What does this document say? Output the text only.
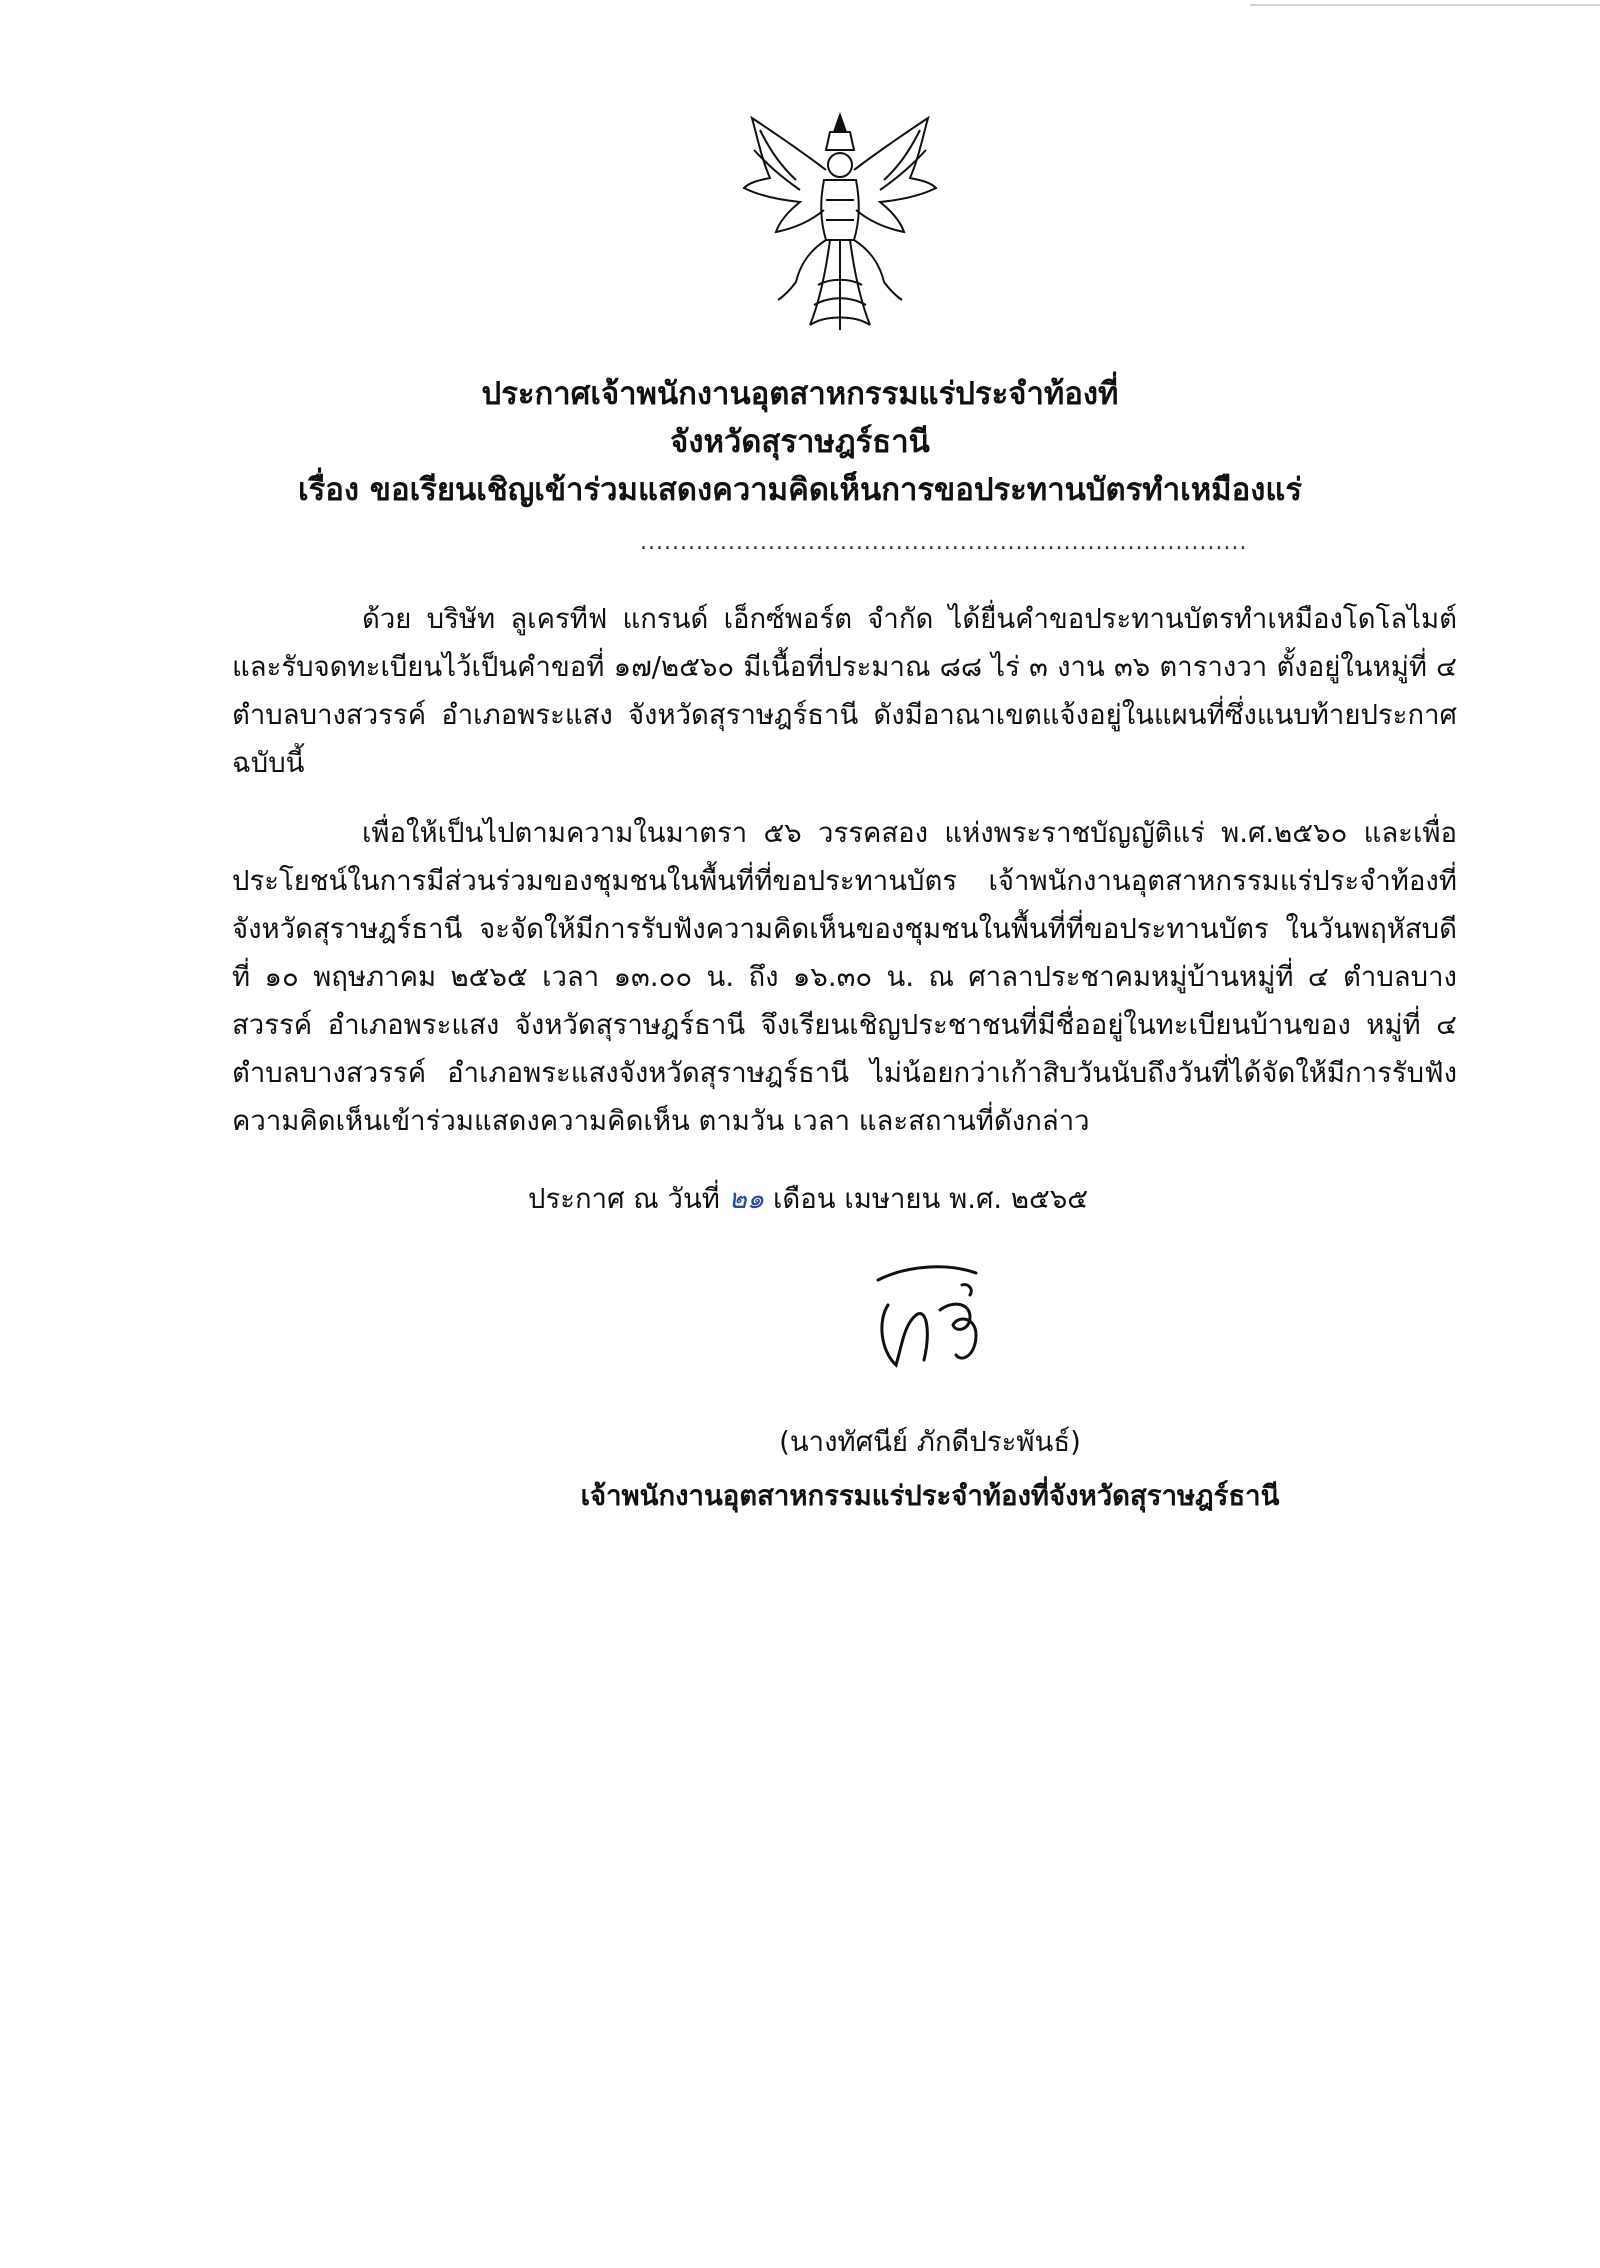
ประกาศเจ้าพนักงานอุตสาหกรรมแร่ประจำท้องที่
จังหวัดสุราษฎร์ธานี
เรื่อง ขอเรียนเชิญเข้าร่วมแสดงความคิดเห็นการขอประทานบัตรทำเหมืองแร่
............................................................................

ด้วย บริษัท ลูเครทีฟ แกรนด์ เอ็กซ์พอร์ต จำกัด ได้ยื่นคำขอประทานบัตรทำเหมืองโดโลไมต์ และรับจดทะเบียนไว้เป็นคำขอที่ ๑๗/๒๕๖๐ มีเนื้อที่ประมาณ ๘๘ ไร่ ๓ งาน ๓๖ ตารางวา ตั้งอยู่ในหมู่ที่ ๔ ตำบลบางสวรรค์ อำเภอพระแสง จังหวัดสุราษฎร์ธานี ดังมีอาณาเขตแจ้งอยู่ในแผนที่ซึ่งแนบท้ายประกาศฉบับนี้

เพื่อให้เป็นไปตามความในมาตรา ๕๖ วรรคสอง แห่งพระราชบัญญัติแร่ พ.ศ.๒๕๖๐ และเพื่อประโยชน์ในการมีส่วนร่วมของชุมชนในพื้นที่ที่ขอประทานบัตร เจ้าพนักงานอุตสาหกรรมแร่ประจำท้องที่จังหวัดสุราษฎร์ธานี จะจัดให้มีการรับฟังความคิดเห็นของชุมชนในพื้นที่ที่ขอประทานบัตร ในวันพฤหัสบดี ที่ ๑๐ พฤษภาคม ๒๕๖๕ เวลา ๑๓.๐๐ น. ถึง ๑๖.๓๐ น. ณ ศาลาประชาคมหมู่บ้านหมู่ที่ ๔ ตำบลบางสวรรค์ อำเภอพระแสง จังหวัดสุราษฎร์ธานี จึงเรียนเชิญประชาชนที่มีชื่ออยู่ในทะเบียนบ้านของ หมู่ที่ ๔ ตำบลบางสวรรค์ อำเภอพระแสงจังหวัดสุราษฎร์ธานี ไม่น้อยกว่าเก้าสิบวันนับถึงวันที่ได้จัดให้มีการรับฟังความคิดเห็นเข้าร่วมแสดงความคิดเห็น ตามวัน เวลา และสถานที่ดังกล่าว

ประกาศ ณ วันที่ ๒๑ เดือน เมษายน พ.ศ. ๒๕๖๕
(นางทัศนีย์ ภักดีประพันธ์)
เจ้าพนักงานอุตสาหกรรมแร่ประจำท้องที่จังหวัดสุราษฎร์ธานี
